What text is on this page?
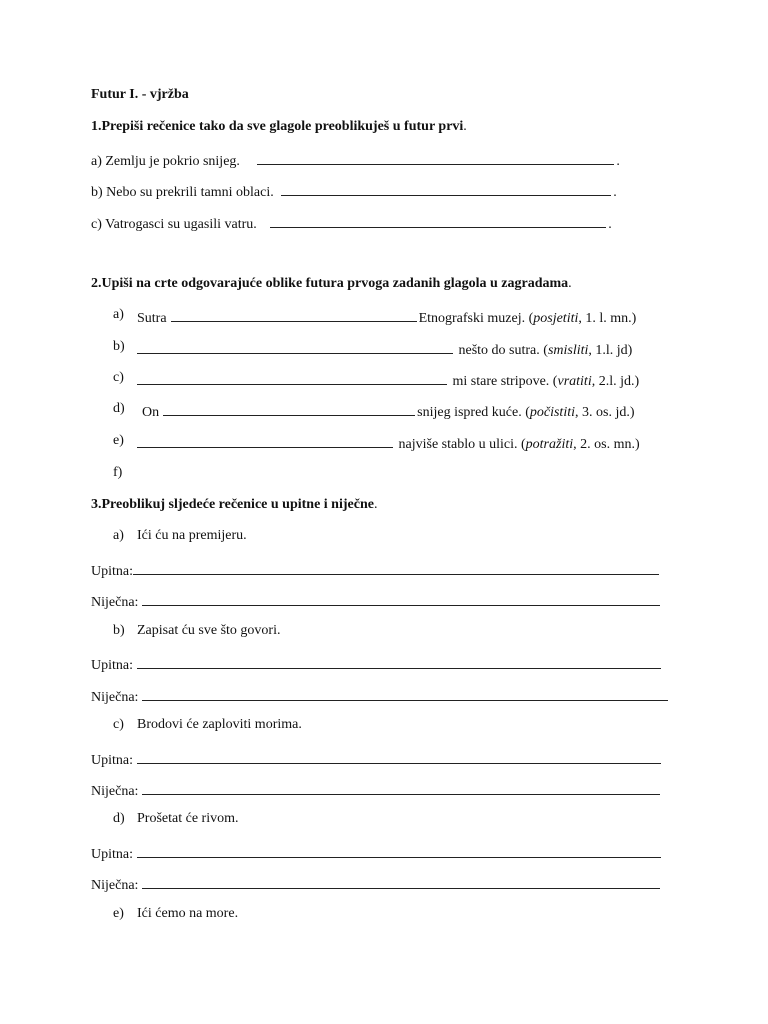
Futur I. - vjržba
1.Prepiši rečenice tako da sve glagole preoblikuješ u futur prvi.
a) Zemlju je pokrio snijeg.	.
b) Nebo su prekrili tamni oblaci.	.
c) Vatrogasci su ugasili vatru.	.
2.Upiši na crte odgovarajuće oblike futura prvoga zadanih glagola u zagradama.
a) Sutra	Etnografski muzej. (posjetiti, 1. l. mn.)
b)	nešto do sutra. (smisliti, 1.l. jd)
c)	mi stare stripove. (vratiti, 2.l. jd.)
d) On	snijeg ispred kuće. (počistiti, 3. os. jd.)
e)	najviše stablo u ulici. (potražiti, 2. os. mn.)
f)
3.Preoblikuj sljedeće rečenice u upitne i niječne.
a) Ići ću na premijeru.
Upitna:
Niječna:
b) Zapisat ću sve što govori.
Upitna:
Niječna:
c) Brodovi će zaploviti morima.
Upitna:
Niječna:
d) Prošetat će rivom.
Upitna:
Niječna:
e) Ići ćemo na more.
